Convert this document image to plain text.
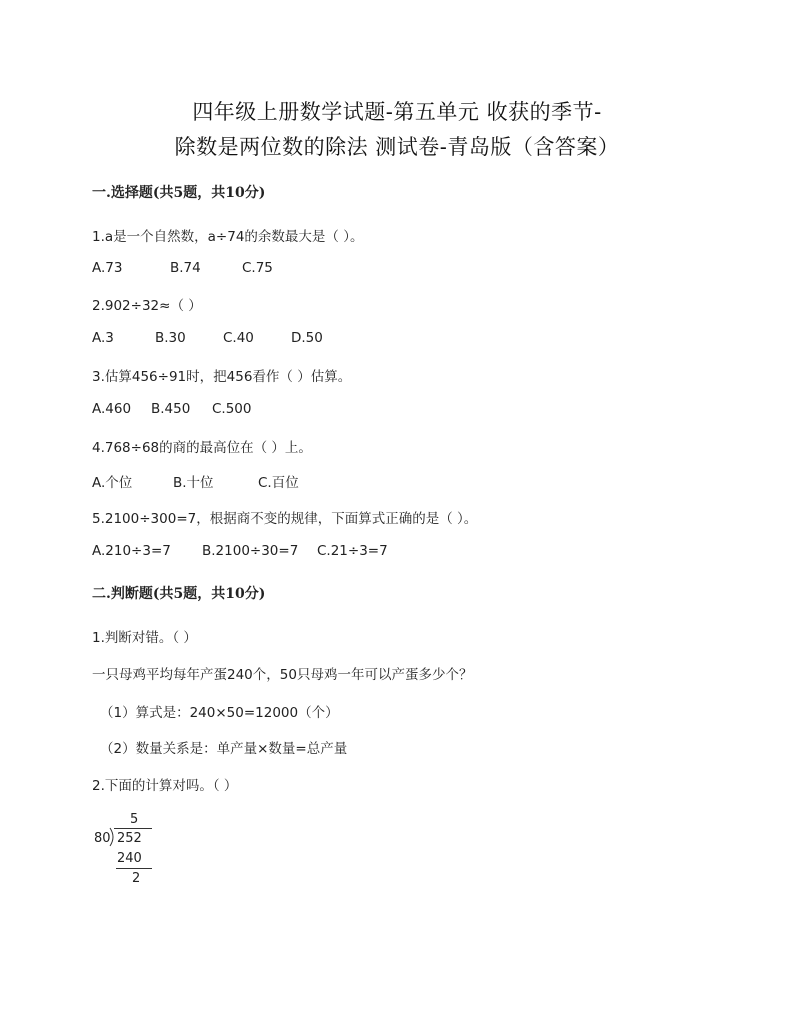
四年级上册数学试题-第五单元 收获的季节-
除数是两位数的除法 测试卷-青岛版（含答案）
一.选择题(共5题，共10分)
1.a是一个自然数，a÷74的余数最大是（ ）。
A.73	B.74	C.75
2.902÷32≈（ ）
A.3	B.30	C.40	D.50
3.估算456÷91时，把456看作（ ）估算。
A.460 B.450 C.500
4.768÷68的商的最高位在（ ）上。
A.个位	B.十位	C.百位
5.2100÷300=7，根据商不变的规律，下面算式正确的是（ ）。
A.210÷3=7 B.2100÷30=7 C.21÷3=7
二.判断题(共5题，共10分)
1.判断对错。（ ）
一只母鸡平均每年产蛋240个，50只母鸡一年可以产蛋多少个？
（1）算式是：240×50=12000（个）
（2）数量关系是：单产量×数量=总产量
2.下面的计算对吗。（ ）
5
80 252
240
2
